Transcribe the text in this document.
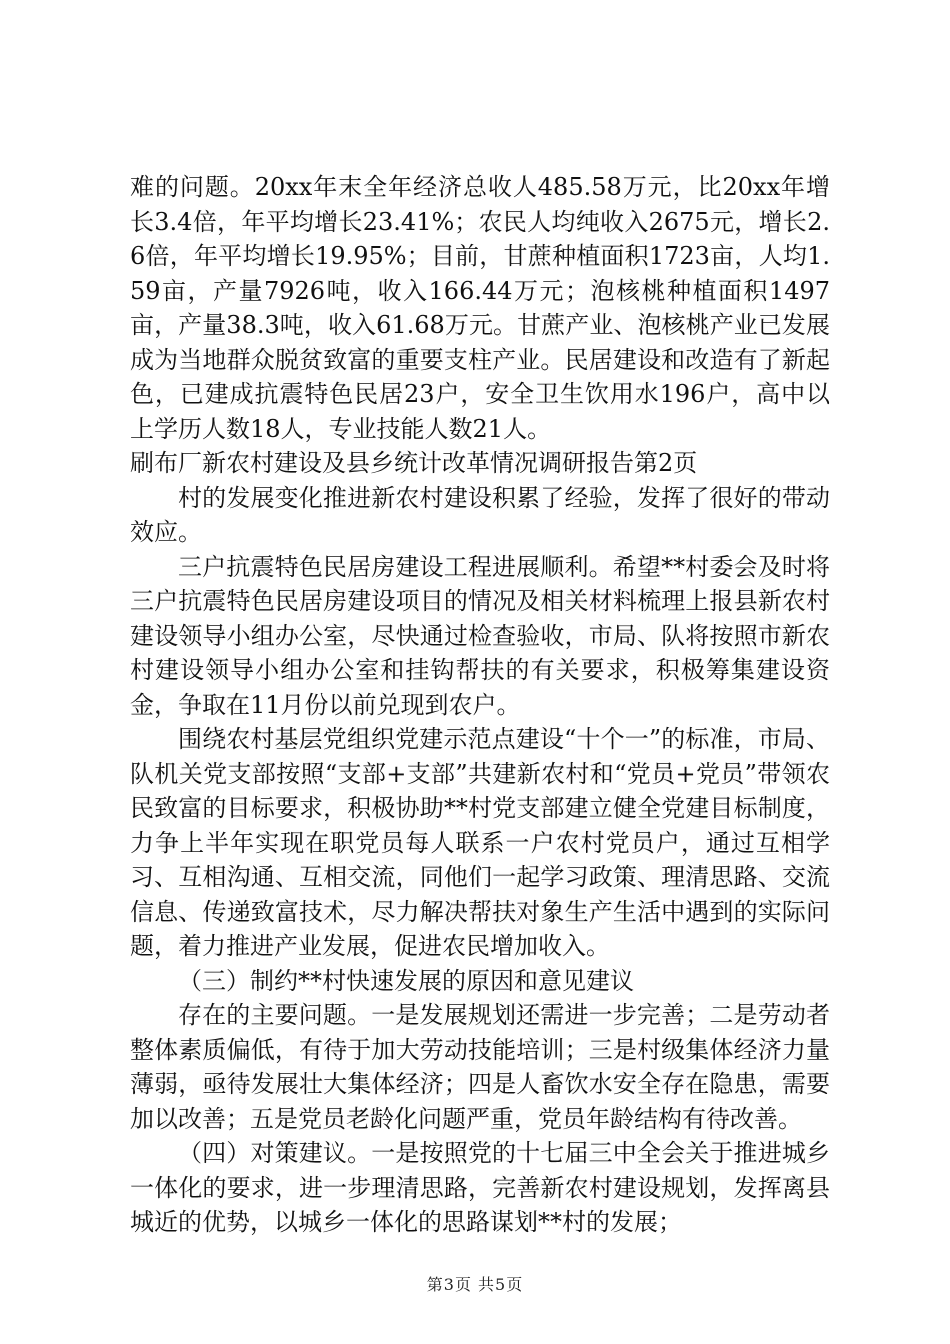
难的问题。20xx年末全年经济总收人485.58万元，比20xx年增长3.4倍，年平均增长23.41%；农民人均纯收入2675元，增长2.6倍，年平均增长19.95%；目前，甘蔗种植面积1723亩，人均1.59亩，产量7926吨，收入166.44万元；泡核桃种植面积1497亩，产量38.3吨，收入61.68万元。甘蔗产业、泡核桃产业已发展成为当地群众脱贫致富的重要支柱产业。民居建设和改造有了新起色，已建成抗震特色民居23户，安全卫生饮用水196户，高中以上学历人数18人，专业技能人数21人。

刷布厂新农村建设及县乡统计改革情况调研报告第2页

村的发展变化推进新农村建设积累了经验，发挥了很好的带动效应。

三户抗震特色民居房建设工程进展顺利。希望**村委会及时将三户抗震特色民居房建设项目的情况及相关材料梳理上报县新农村建设领导小组办公室，尽快通过检查验收，市局、队将按照市新农村建设领导小组办公室和挂钩帮扶的有关要求，积极筹集建设资金，争取在11月份以前兑现到农户。

围绕农村基层党组织党建示范点建设“十个一”的标准，市局、队机关党支部按照“支部+支部”共建新农村和“党员+党员”带领农民致富的目标要求，积极协助**村党支部建立健全党建目标制度，力争上半年实现在职党员每人联系一户农村党员户，通过互相学习、互相沟通、互相交流，同他们一起学习政策、理清思路、交流信息、传递致富技术，尽力解决帮扶对象生产生活中遇到的实际问题，着力推进产业发展，促进农民增加收入。

（三）制约**村快速发展的原因和意见建议

存在的主要问题。一是发展规划还需进一步完善；二是劳动者整体素质偏低，有待于加大劳动技能培训；三是村级集体经济力量薄弱，亟待发展壮大集体经济；四是人畜饮水安全存在隐患，需要加以改善；五是党员老龄化问题严重，党员年龄结构有待改善。

（四）对策建议。一是按照党的十七届三中全会关于推进城乡一体化的要求，进一步理清思路，完善新农村建设规划，发挥离县城近的优势，以城乡一体化的思路谋划**村的发展；

第3页 共5页
